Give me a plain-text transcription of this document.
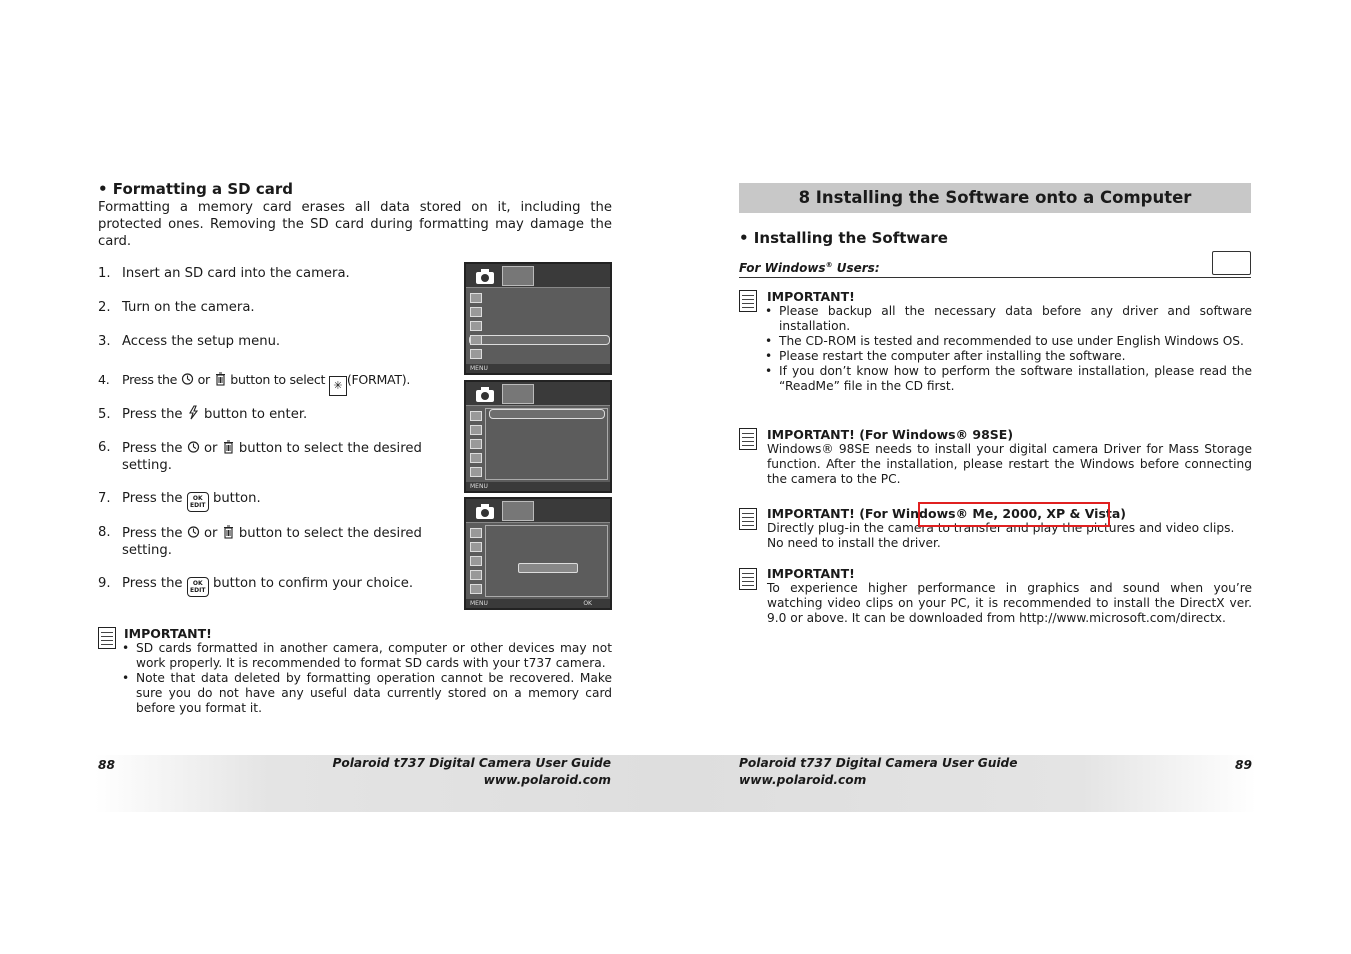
• Formatting a SD card
Formatting a memory card erases all data stored on it, including the protected ones. Removing the SD card during formatting may damage the card.
1. Insert an SD card into the camera.
2. Turn on the camera.
3. Access the setup menu.
4. Press the or button to select ✳ (FORMAT).
5. Press the button to enter.
6. Press the or button to select the desired setting.
7. Press the OK
EDIT button.
8. Press the or button to select the desired setting.
9. Press the OK
EDIT button to confirm your choice.
MENU
MENU
MENU	OK
IMPORTANT!
• SD cards formatted in another camera, computer or other devices may not work properly. It is recommended to format SD cards with your t737 camera.
• Note that data deleted by formatting operation cannot be recovered. Make sure you do not have any useful data currently stored on a memory card before you format it.
88	Polaroid t737 Digital Camera User Guide
www.polaroid.com
8 Installing the Software onto a Computer
• Installing the Software
For Windows® Users:
IMPORTANT!
• Please backup all the necessary data before any driver and software installation.
• The CD-ROM is tested and recommended to use under English Windows OS.
• Please restart the computer after installing the software.
• If you don’t know how to perform the software installation, please read the “ReadMe” file in the CD first.
IMPORTANT! (For Windows® 98SE)
Windows® 98SE needs to install your digital camera Driver for Mass Storage function. After the installation, please restart the Windows before connecting the camera to the PC.
IMPORTANT! (For Windows® Me, 2000, XP & Vista)
Directly plug-in the camera to transfer and play the pictures and video clips.
No need to install the driver.
IMPORTANT!
To experience higher performance in graphics and sound when you’re watching video clips on your PC, it is recommended to install the DirectX ver. 9.0 or above. It can be downloaded from http://www.microsoft.com/directx.
Polaroid t737 Digital Camera User Guide
www.polaroid.com
89
